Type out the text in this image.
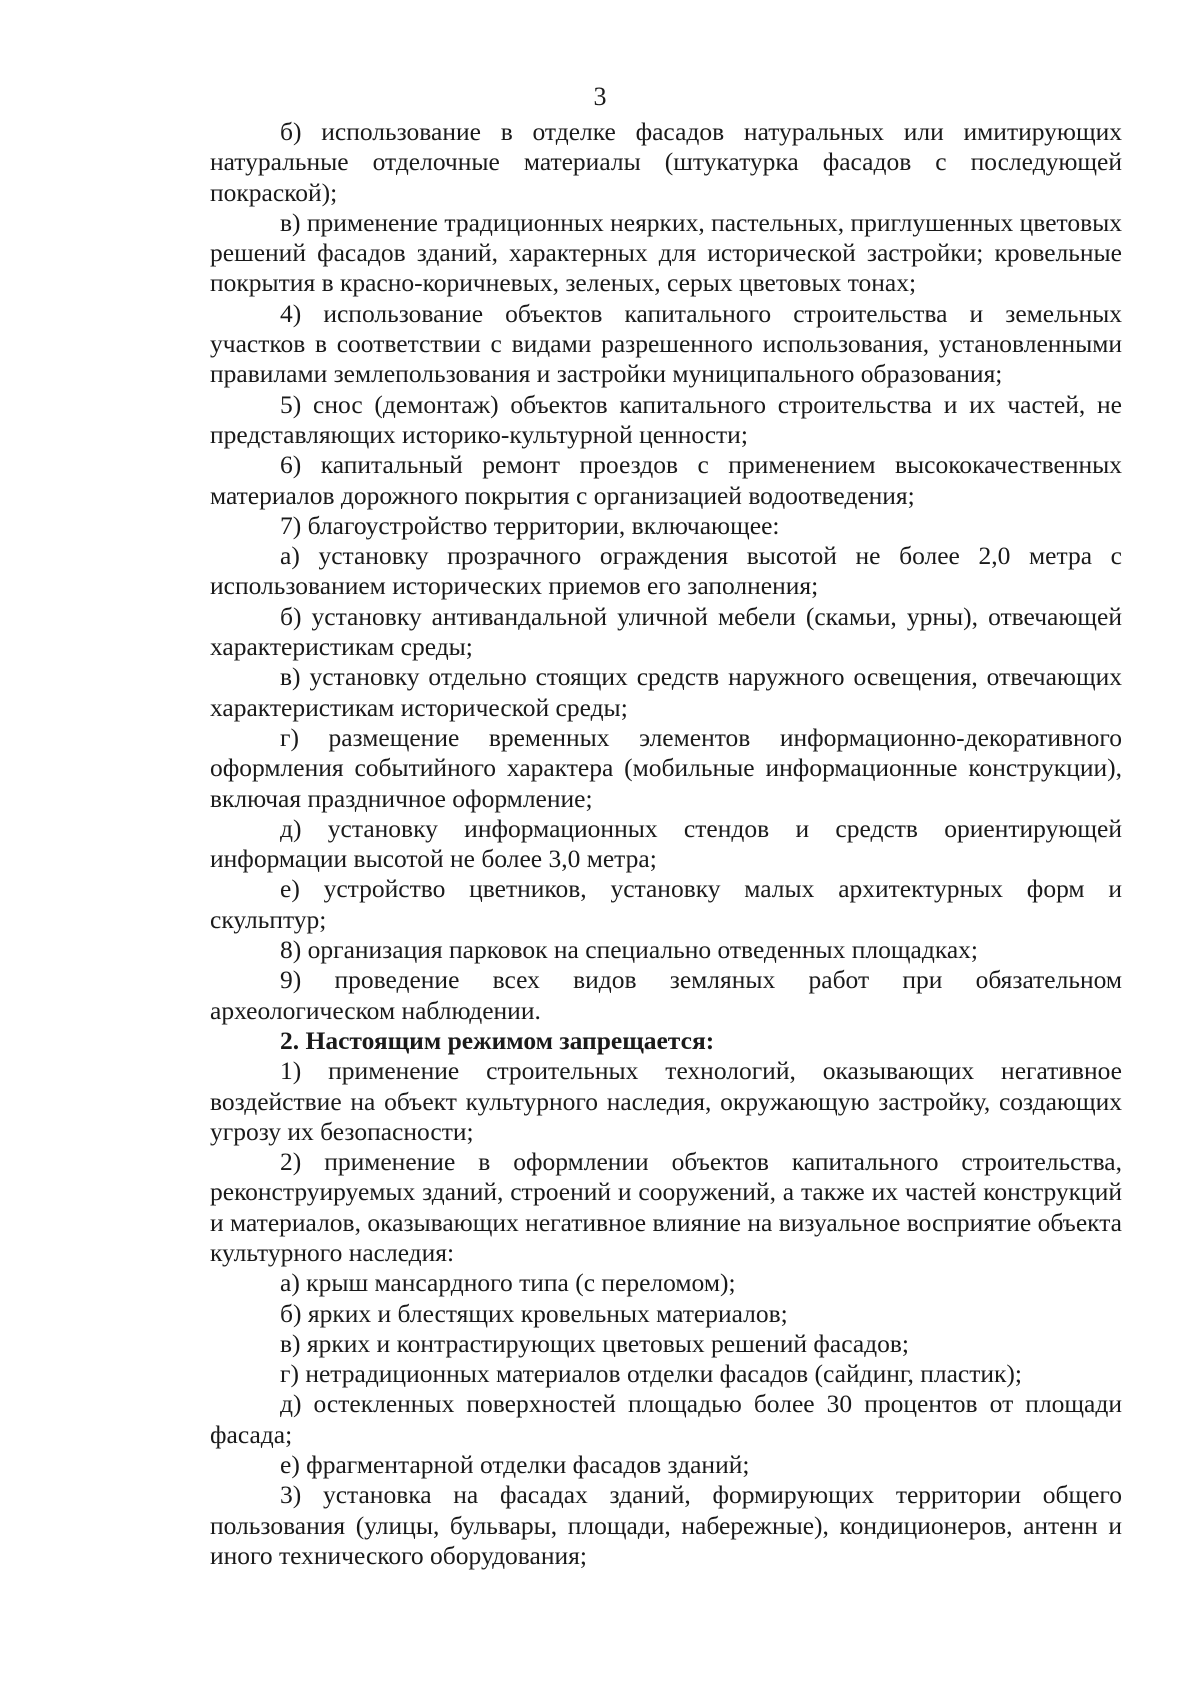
3

б) использование в отделке фасадов натуральных или имитирующих натуральные отделочные материалы (штукатурка фасадов с последующей покраской);

в) применение традиционных неярких, пастельных, приглушенных цветовых решений фасадов зданий, характерных для исторической застройки; кровельные покрытия в красно-коричневых, зеленых, серых цветовых тонах;

4) использование объектов капитального строительства и земельных участков в соответствии с видами разрешенного использования, установленными правилами землепользования и застройки муниципального образования;

5) снос (демонтаж) объектов капитального строительства и их частей, не представляющих историко-культурной ценности;

6) капитальный ремонт проездов с применением высококачественных материалов дорожного покрытия с организацией водоотведения;

7) благоустройство территории, включающее:

а) установку прозрачного ограждения высотой не более 2,0 метра с использованием исторических приемов его заполнения;

б) установку антивандальной уличной мебели (скамьи, урны), отвечающей характеристикам среды;

в) установку отдельно стоящих средств наружного освещения, отвечающих характеристикам исторической среды;

г) размещение временных элементов информационно-декоративного оформления событийного характера (мобильные информационные конструкции), включая праздничное оформление;

д) установку информационных стендов и средств ориентирующей информации высотой не более 3,0 метра;

е) устройство цветников, установку малых архитектурных форм и скульптур;

8) организация парковок на специально отведенных площадках;

9) проведение всех видов земляных работ при обязательном археологическом наблюдении.

2. Настоящим режимом запрещается:

1) применение строительных технологий, оказывающих негативное воздействие на объект культурного наследия, окружающую застройку, создающих угрозу их безопасности;

2) применение в оформлении объектов капитального строительства, реконструируемых зданий, строений и сооружений, а также их частей конструкций и материалов, оказывающих негативное влияние на визуальное восприятие объекта культурного наследия:

а) крыш мансардного типа (с переломом);

б) ярких и блестящих кровельных материалов;

в) ярких и контрастирующих цветовых решений фасадов;

г) нетрадиционных материалов отделки фасадов (сайдинг, пластик);

д) остекленных поверхностей площадью более 30 процентов от площади фасада;

е) фрагментарной отделки фасадов зданий;

3) установка на фасадах зданий, формирующих территории общего пользования (улицы, бульвары, площади, набережные), кондиционеров, антенн и иного технического оборудования;
